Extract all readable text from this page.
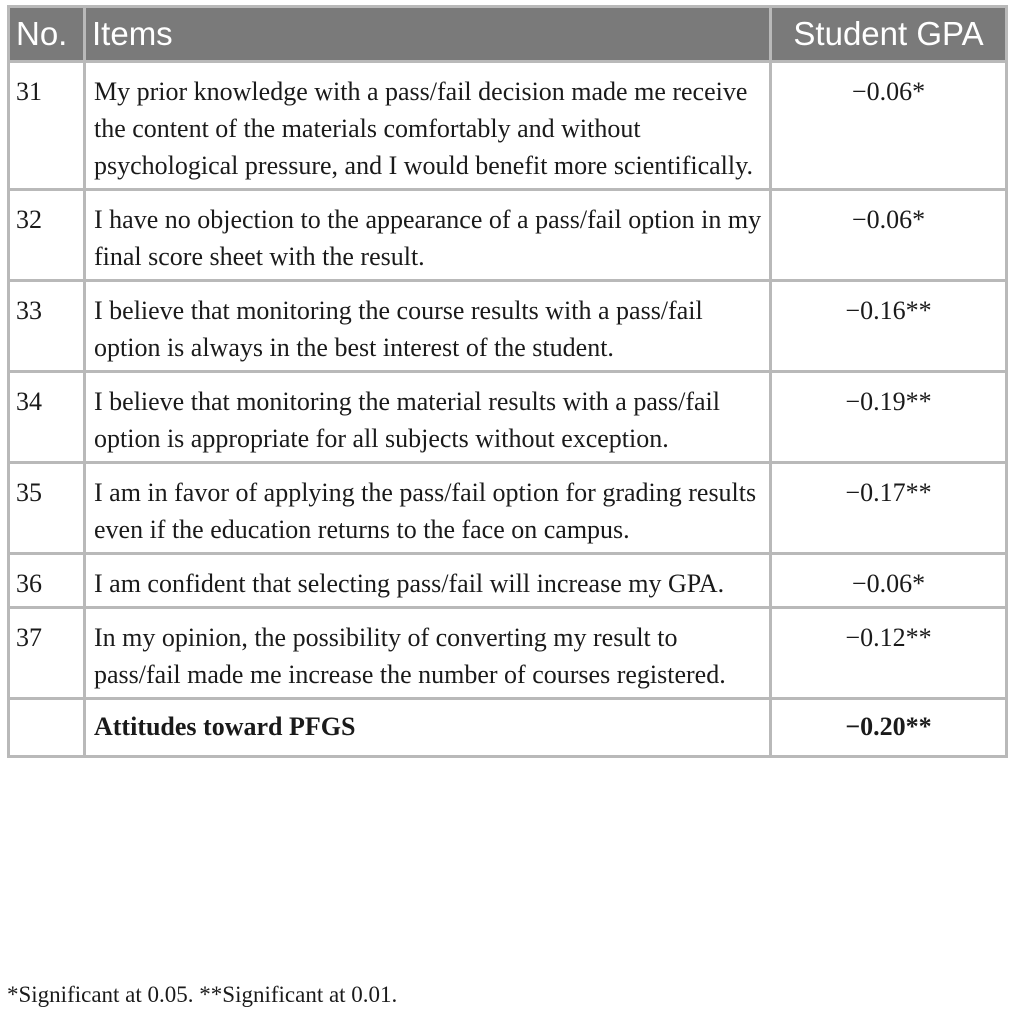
No.	Items	Student GPA
31	My prior knowledge with a pass/fail decision made me receive the content of the materials comfortably and without psychological pressure, and I would benefit more scientifically.	−0.06*
32	I have no objection to the appearance of a pass/fail option in my final score sheet with the result.	−0.06*
33	I believe that monitoring the course results with a pass/fail option is always in the best interest of the student.	−0.16**
34	I believe that monitoring the material results with a pass/fail option is appropriate for all subjects without exception.	−0.19**
35	I am in favor of applying the pass/fail option for grading results even if the education returns to the face on campus.	−0.17**
36	I am confident that selecting pass/fail will increase my GPA.	−0.06*
37	In my opinion, the possibility of converting my result to pass/fail made me increase the number of courses registered.	−0.12**
	Attitudes toward PFGS	−0.20**
*Significant at 0.05. **Significant at 0.01.
